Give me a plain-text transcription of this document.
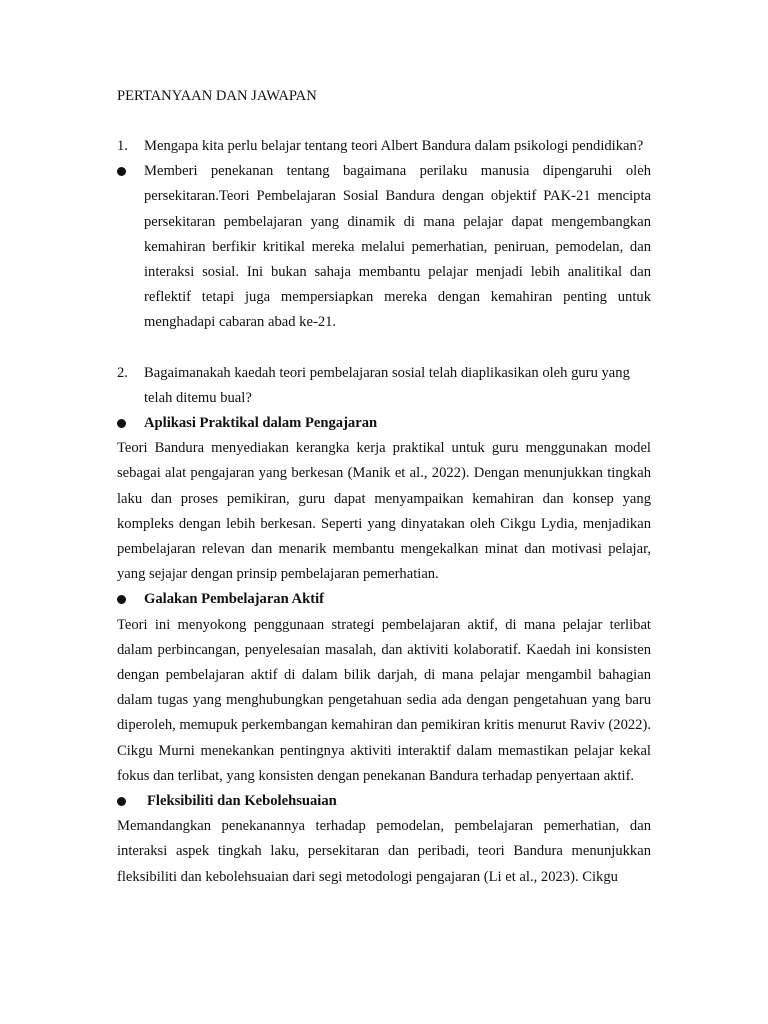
PERTANYAAN DAN JAWAPAN
1. Mengapa kita perlu belajar tentang teori Albert Bandura dalam psikologi pendidikan?
Memberi penekanan tentang bagaimana perilaku manusia dipengaruhi oleh persekitaran.Teori Pembelajaran Sosial Bandura dengan objektif PAK-21 mencipta persekitaran pembelajaran yang dinamik di mana pelajar dapat mengembangkan kemahiran berfikir kritikal mereka melalui pemerhatian, peniruan, pemodelan, dan interaksi sosial. Ini bukan sahaja membantu pelajar menjadi lebih analitikal dan reflektif tetapi juga mempersiapkan mereka dengan kemahiran penting untuk menghadapi cabaran abad ke-21.
2. Bagaimanakah kaedah teori pembelajaran sosial telah diaplikasikan oleh guru yang telah ditemu bual?
Aplikasi Praktikal dalam Pengajaran
Teori Bandura menyediakan kerangka kerja praktikal untuk guru menggunakan model sebagai alat pengajaran yang berkesan (Manik et al., 2022). Dengan menunjukkan tingkah laku dan proses pemikiran, guru dapat menyampaikan kemahiran dan konsep yang kompleks dengan lebih berkesan. Seperti yang dinyatakan oleh Cikgu Lydia, menjadikan pembelajaran relevan dan menarik membantu mengekalkan minat dan motivasi pelajar, yang sejajar dengan prinsip pembelajaran pemerhatian.
Galakan Pembelajaran Aktif
Teori ini menyokong penggunaan strategi pembelajaran aktif, di mana pelajar terlibat dalam perbincangan, penyelesaian masalah, dan aktiviti kolaboratif. Kaedah ini konsisten dengan pembelajaran aktif di dalam bilik darjah, di mana pelajar mengambil bahagian dalam tugas yang menghubungkan pengetahuan sedia ada dengan pengetahuan yang baru diperoleh, memupuk perkembangan kemahiran dan pemikiran kritis menurut Raviv (2022). Cikgu Murni menekankan pentingnya aktiviti interaktif dalam memastikan pelajar kekal fokus dan terlibat, yang konsisten dengan penekanan Bandura terhadap penyertaan aktif.
Fleksibiliti dan Kebolehsuaian
Memandangkan penekanannya terhadap pemodelan, pembelajaran pemerhatian, dan interaksi aspek tingkah laku, persekitaran dan peribadi, teori Bandura menunjukkan fleksibiliti dan kebolehsuaian dari segi metodologi pengajaran (Li et al., 2023). Cikgu
